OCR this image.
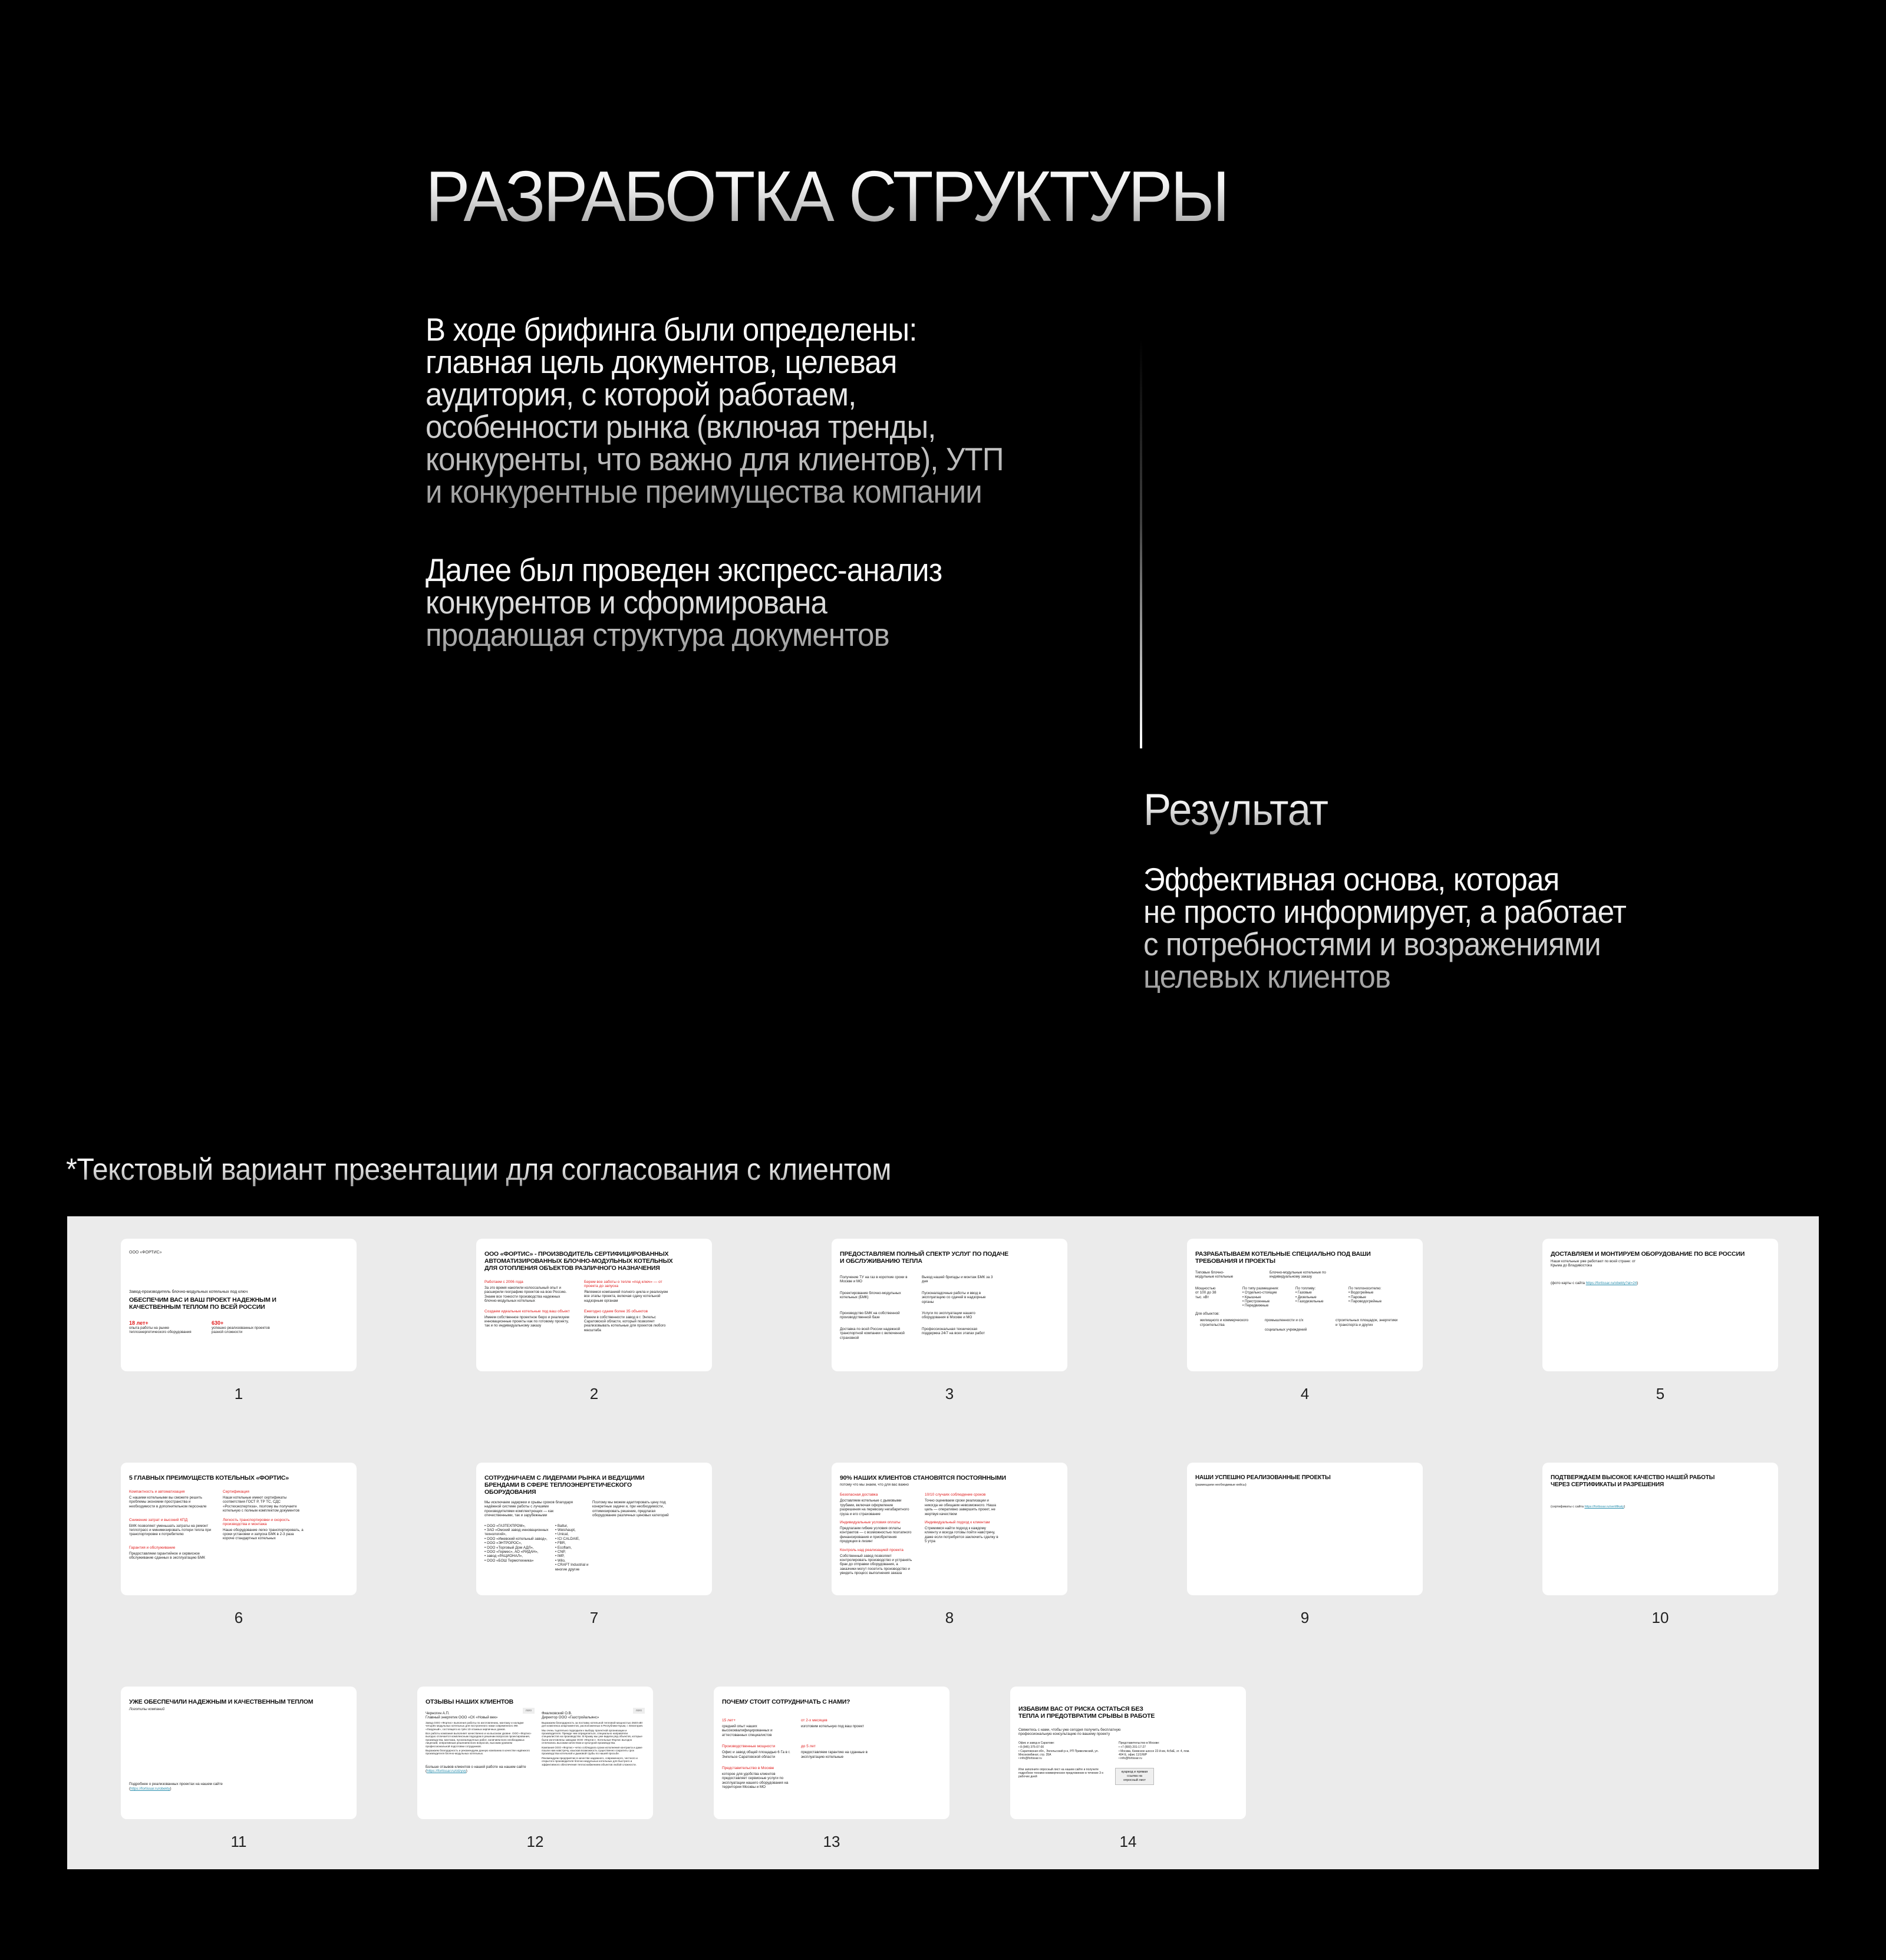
РАЗРАБОТКА СТРУКТУРЫ
В ходе брифинга были определены:
главная цель документов, целевая
аудитория, с которой работаем,
особенности рынка (включая тренды,
конкуренты, что важно для клиентов), УТП
и конкурентные преимущества компании
Далее был проведен экспресс-анализ
конкурентов и сформирована
продающая структура документов
Результат
Эффективная основа, которая
не просто информирует, а работает
с потребностями и возражениями
целевых клиентов
*Текстовый вариант презентации для согласования с клиентом
ООО «ФОРТИС»
Завод-производитель блочно-модульных котельных под ключ
ОБЕСПЕЧИМ ВАС И ВАШ ПРОЕКТ НАДЕЖНЫМ И КАЧЕСТВЕННЫМ ТЕПЛОМ ПО ВСЕЙ РОССИИ
18 лет+
опыта работы на рынке теплоэнергетического оборудования
630+
успешно реализованных проектов разной сложности
1
ООО «ФОРТИС» - ПРОИЗВОДИТЕЛЬ СЕРТИФИЦИРОВАННЫХ АВТОМАТИЗИРОВАННЫХ БЛОЧНО-МОДУЛЬНЫХ КОТЕЛЬНЫХ ДЛЯ ОТОПЛЕНИЯ ОБЪЕКТОВ РАЗЛИЧНОГО НАЗНАЧЕНИЯ
Работаем с 2006 года
За это время накопили колоссальный опыт и расширили географию проектов на всю Россию. Знаем все тонкости производства надежных блочно-модульных котельных
Берем все заботы о тепле «под ключ» — от проекта до запуска
Являемся компанией полного цикла и реализуем все этапы проекта, включая сдачу котельной надзорным органам
Создаем идеальные котельные под ваш объект
Имеем собственное проектное бюро и реализуем инновационные проекты как по готовому проекту, так и по индивидуальному заказу
Ежегодно сдаем более 35 объектов
Имеем в собственности завод в г. Энгельс Саратовской области, который позволяет реализовывать котельные для проектов любого масштаба
2
ПРЕДОСТАВЛЯЕМ ПОЛНЫЙ СПЕКТР УСЛУГ ПО ПОДАЧЕ И ОБСЛУЖИВАНИЮ ТЕПЛА
Получение ТУ на газ в короткие сроки в Москве и МО
Выезд нашей бригады и монтаж БМК за 3 дня
Проектирование блочно-модульных котельных (БМК)
Пусконаладочные работы и ввод в эксплуатацию со сдачей в надзорные органы
Производство БМК на собственной производственной базе
Услуги по эксплуатации нашего оборудования в Москве и МО
Доставка по всей России надежной транспортной компании с включенной страховкой
Профессиональная техническая поддержка 24/7 на всех этапах работ
3
РАЗРАБАТЫВАЕМ КОТЕЛЬНЫЕ СПЕЦИАЛЬНО ПОД ВАШИ ТРЕБОВАНИЯ И ПРОЕКТЫ
Типовые блочно-модульные котельные
Блочно-модульные котельные по индивидуальному заказу
Мощностью от 100 до 38 тыс. кВт
По типу размещения:
• Отдельно-стоящие
• Крышные
• Пристроенные
• Передвижные
По топливу:
• Газовые
• Дизельные
• Газодизельные
По теплоносителю:
• Водогрейные
• Паровые
• Пароводогрейные
Для объектов:
жилищного и коммерческого строительства
промышленности и с/х
социальных учреждений
строительных площадок, энергетики и транспорта и других
4
ДОСТАВЛЯЕМ И МОНТИРУЕМ ОБОРУДОВАНИЕ ПО ВСЕ РОССИИ
Наши котельные уже работают по всей стране: от Крыма до Владивостока
(фото карты с сайта https://fortissar.ru/obekty?at=24)
5
5 ГЛАВНЫХ ПРЕИМУЩЕСТВ КОТЕЛЬНЫХ «ФОРТИС»
Компактность и автоматизация
С нашими котельными вы сможете решить проблемы экономии пространства и необходимости в дополнительном персонале
Сертификация
Наши котельные имеют сертификаты соответствия ГОСТ Р, ТР ТС, СДС «Ростехэкспертиза», поэтому вы получаете котельную с полным комплектом документов
Снижение затрат и высокий КПД
БМК позволяют уменьшать затраты на ремонт теплотрасс и минимизировать потери тепла при транспортировке к потребителю
Легкость транспортировки и скорость производства и монтажа
Наше оборудование легко транспортировать, а сроки установки и запуска БМК в 2-3 раза короче стандартных котельных
Гарантия и обслуживание
Предоставляем гарантийное и сервисное обслуживание сданных в эксплуатацию БМК
6
СОТРУДНИЧАЕМ С ЛИДЕРАМИ РЫНКА И ВЕДУЩИМИ БРЕНДАМИ В СФЕРЕ ТЕПЛОЭНЕРГЕТИЧЕСКОГО ОБОРУДОВАНИЯ
Мы исключаем задержки и срывы сроков благодаря надёжной системе работы с лучшими производителями комплектующих — как отечественными, так и зарубежными
Поэтому мы можем адаптировать цену под конкретные задачи и, при необходимости, оптимизировать решение, предлагая оборудование различных ценовых категорий
• ООО «ГАЗТЕХПРОМ»,
• ЗАО «Омский завод инновационных технологий»,
• ООО «Ижевский котельный завод»,
• ООО «ЭНТРОРОС»,
• ООО «Торговый Дом АДЛ»,
• ООО «Гермес», АО «РИДАН»,
• завод «РАЦИОНАЛ»,
• ООО «БОШ Термотехника»
• Baltur,
• Weishaupt,
• Unical,
• ICI CALDAIE,
• FBR,
• Ecoflam,
• CNP,
• IMP,
• Wilo,
• CRAFT Industrial и многие другие
7
90% НАШИХ КЛИЕНТОВ СТАНОВЯТСЯ ПОСТОЯННЫМИ
потому что мы знаем, что для вас важно
Безопасная доставка
Доставляем котельные с дымовыми трубами, включая оформление разрешения на перевозку негабаритного груза и его страхование
10/10 случаях соблюдение сроков
Точно оцениваем сроки реализации и никогда не обещаем невозможного. Наша цель — оперативно завершить проект, не жертвуя качеством
Индивидуальные условия оплаты
Предлагаем гибкие условия оплаты контрактов — с возможностью поэтапного финансирования и приобретения продукции в лизинг
Индивидуальный подход к клиентам
Стремимся найти подход к каждому клиенту и всегда готовы пойти навстречу, даже если потребуется заключить сделку в 5 утра
Контроль над реализацией проекта
Собственный завод позволяет контролировать производство и устранять брак до отправки оборудования, а заказчики могут посетить производство и увидеть процесс выполнения заказа
8
НАШИ УСПЕШНО РЕАЛИЗОВАННЫЕ ПРОЕКТЫ
(размещаем необходимые кейсы)
9
ПОДТВЕРЖДАЕМ ВЫСОКОЕ КАЧЕСТВО НАШЕЙ РАБОТЫ ЧЕРЕЗ СЕРТИФИКАТЫ И РАЗРЕШЕНИЯ
(сертификаты с сайта https://fortissar.ru/sertifikaty)
10
УЖЕ ОБЕСПЕЧИЛИ НАДЕЖНЫМ И КАЧЕСТВЕННЫМ ТЕПЛОМ
Логотипы компаний
Подробнее о реализованных проектах на нашем сайте
(https://fortissar.ru/obekty)
11
ОТЗЫВЫ НАШИХ КЛИЕНТОВ
лого
Черногин А.П.
Главный энергетик ООО «СК «Новый век»
Завод ООО «Фортис» выполнил работы по изготовлению, монтажу и наладке четырёх модульных котельных для построенного нами современного ЖК «Лазурный», состоящего из трёх 10-этажных кирпичных домов.
Все работы компания выполняет качественно и на высоком уровне. ООО «Фортис» выгодно отличается комплексным подходом в решении вопросов проектирования, производства, монтажа, пусконаладочных работ, наличием всех необходимых лицензий, оперативным решением всех вопросов, высоким уровнем профессиональной подготовки сотрудников.
Выражаем благодарность и рекомендуем данную компанию в качестве надёжного производителя блочно-модульных котельных.
Больше отзывов клиентов о нашей работе на нашем сайте
(https://fortissar.ru/otzyvy)
лого
Фиалковский О.В.
Директор ООО «Газстройальянс»
Выражаем благодарность за поставку котельной тепловой мощностью 3640 кВт для комплекса апартаментов, расположенных в Республике Крым, г. Евпатория.
Мы очень тщательно подходили к выбору проектной организации и производителя. Прежде чем определиться, специально направляли специалистов на производство. В Крыму мы уже видели ряд объектов, которые были изготовлены заводом ООО «Фортис». Котельные Фортис выгодно отличались высоким качеством и культурой производства.
Компания ООО «Фортис» четко соблюдала сроки исполнения контракта и даже пошли нам навстречу, изыскав возможность существенно сократить срок производства котельной и дымовой трубы по нашей просьбе.
Рекомендуем предприятие в качестве надежного, современного, честного и открытого производителя блочно-модульных котельных для быстрого и эффективного обеспечения теплоснабжением объектов любой сложности.
12
ПОЧЕМУ СТОИТ СОТРУДНИЧАТЬ С НАМИ?
15 лет+
средний опыт наших высококвалифицированных и аттестованных специалистов
от 2-х месяцев
изготовим котельную под ваш проект
Производственные мощности
Офис и завод общей площадью 6 Га в г. Энгельсе Саратовской области
до 5 лет
предоставляем гарантию на сданные в эксплуатацию котельные
Представительство в Москве
которое для удобства клиентов предоставляет сервисные услуги по эксплуатации нашего оборудования на территории Москвы и МО
13
ИЗБАВИМ ВАС ОТ РИСКА ОСТАТЬСЯ БЕЗ ТЕПЛА И ПРЕДОТВРАТИМ СРЫВЫ В РАБОТЕ
Свяжитесь с нами, чтобы уже сегодня получить бесплатную профессиональную консультацию по вашему проекту
Офис и завод в Саратове:
• 8 (845) 375-07-00
• Саратовская обл., Энгельсский р-н, РП Приволжский, ул. Мясокомбинат, стр. 35А
• info@fortissar.ru
Представительство в Москве:
• +7 (800) 201-17-27
• Москва, Киевское шоссе 22-й км, 4с5кЕ, эт. 4, пом. 404 Е, офис 11/1/WP
• info@fortissar.ru
Или заполните опросный лист на нашем сайте и получите подробное технико-коммерческое предложение в течение 3-х рабочих дней
куаркод и прямая ссылка на опросный лист
14
